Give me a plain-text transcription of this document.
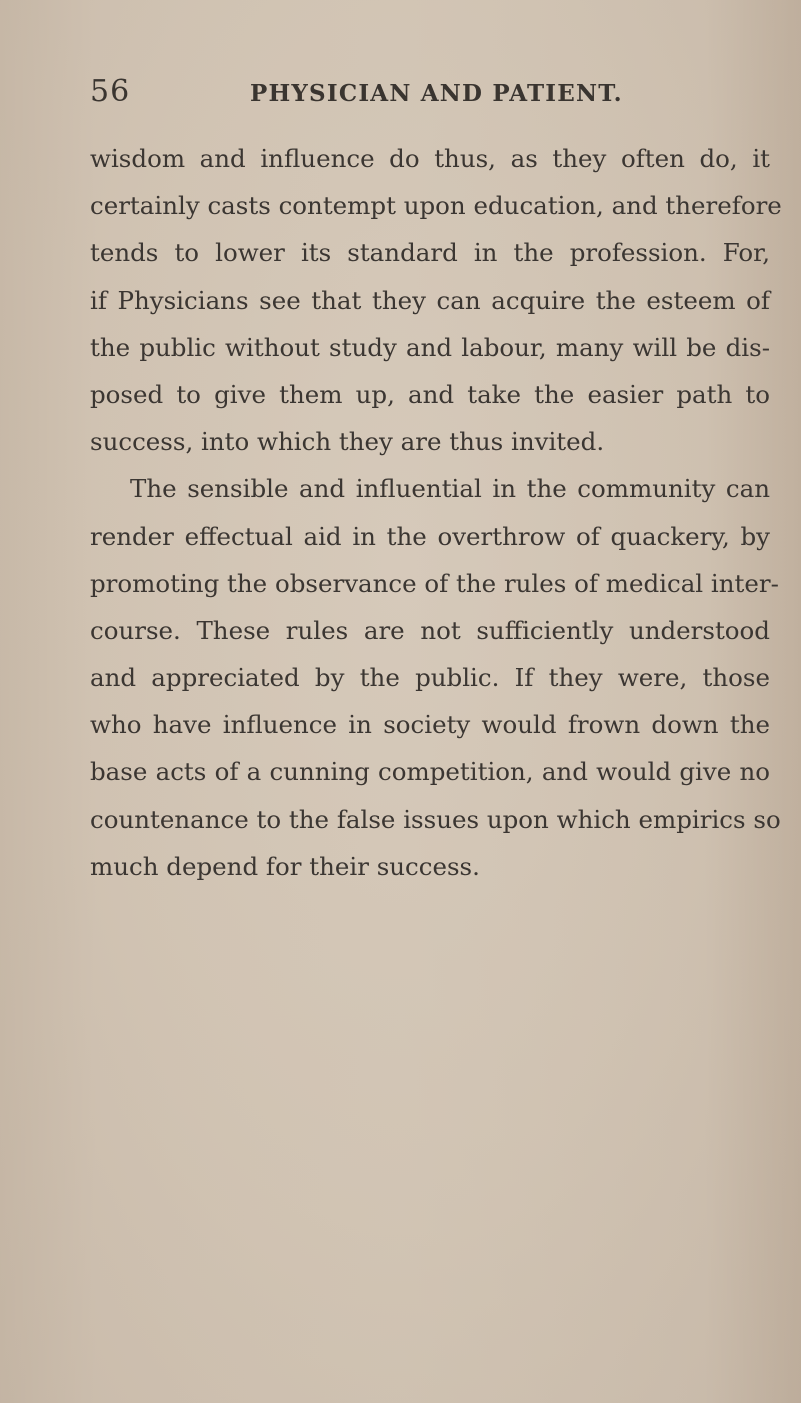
56	PHYSICIAN AND PATIENT.

wisdom and influence do thus, as they often do, it
certainly casts contempt upon education, and therefore
tends to lower its standard in the profession. For,
if Physicians see that they can acquire the esteem of
the public without study and labour, many will be dis-
posed to give them up, and take the easier path to
success, into which they are thus invited.

The sensible and influential in the community can
render effectual aid in the overthrow of quackery, by
promoting the observance of the rules of medical inter-
course. These rules are not sufficiently understood
and appreciated by the public. If they were, those
who have influence in society would frown down the
base acts of a cunning competition, and would give no
countenance to the false issues upon which empirics so
much depend for their success.
